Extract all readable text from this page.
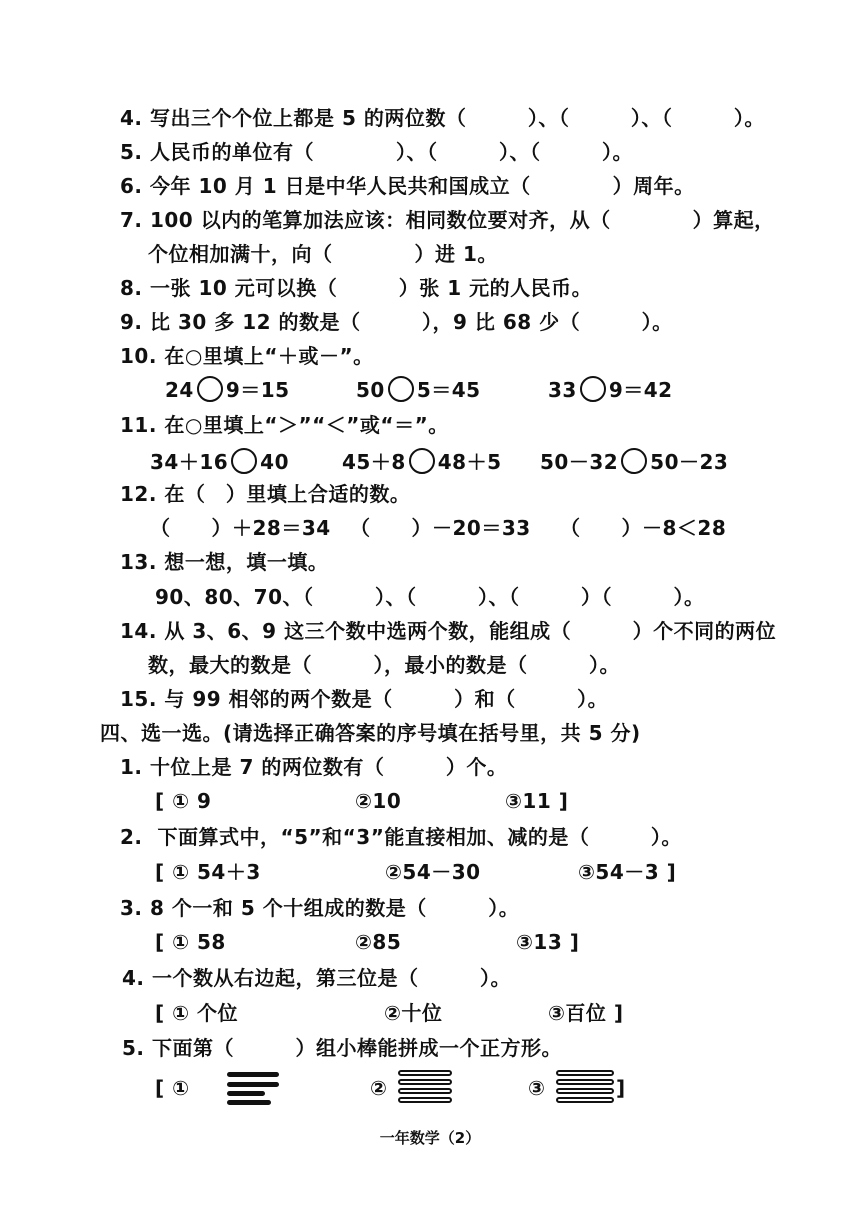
4. 写出三个个位上都是 5 的两位数（　　　）、（　　　）、（　　　）。
5. 人民币的单位有（　　　　）、（　　　）、（　　　）。
6. 今年 10 月 1 日是中华人民共和国成立（　　　　）周年。
7. 100 以内的笔算加法应该：相同数位要对齐，从（　　　　）算起，
个位相加满十，向（　　　　）进 1。
8. 一张 10 元可以换（　　　）张 1 元的人民币。
9. 比 30 多 12 的数是（　　　），9 比 68 少（　　　）。
10. 在○里填上“＋或－”。
24 9＝15	50 5＝45	33 9＝42
11. 在○里填上“＞”“＜”或“＝”。
34＋16 40	45＋8 48＋5 50－32 50－23
12. 在（　）里填上合适的数。
（　　）＋28＝34 （　　）－20＝33 （　　）－8＜28
13. 想一想，填一填。
90、80、70、（　　　）、（　　　）、（　　　）（　　　）。
14. 从 3、6、9 这三个数中选两个数，能组成（　　　）个不同的两位
数，最大的数是（　　　），最小的数是（　　　）。
15. 与 99 相邻的两个数是（　　　）和（　　　）。
四、选一选。(请选择正确答案的序号填在括号里，共 5 分)
1. 十位上是 7 的两位数有（　　　）个。
[ ① 9	②10	③11 ]
2.  下面算式中，“5”和“3”能直接相加、减的是（　　　）。
[ ① 54＋3	②54－30	③54－3 ]
3. 8 个一和 5 个十组成的数是（　　　）。
[ ① 58	②85	③13 ]
4. 一个数从右边起，第三位是（　　　）。
[ ① 个位	②十位	③百位 ]
5. 下面第（　　　）组小棒能拼成一个正方形。
[ ①	②	③	]
一年数学（2）
